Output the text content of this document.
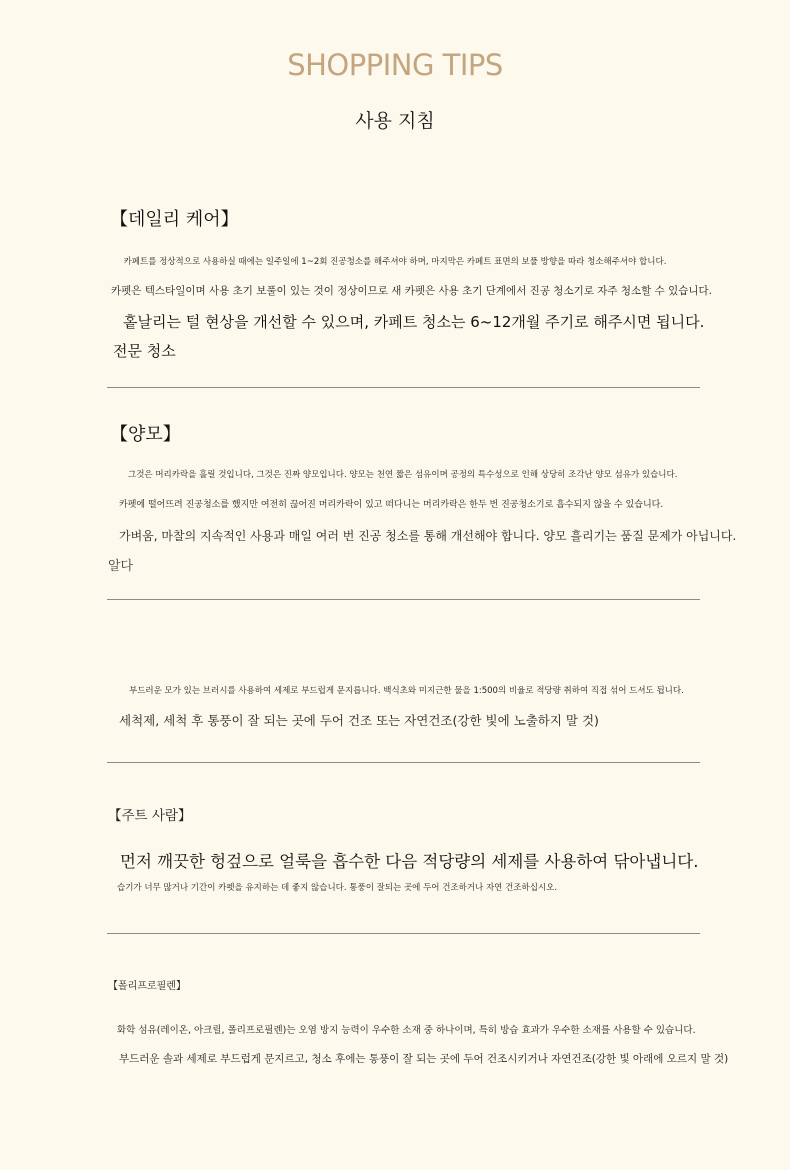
SHOPPING TIPS
사용 지침
【데일리 케어】
카페트를 정상적으로 사용하실 때에는 일주일에 1~2회 진공청소를 해주셔야 하며, 마지막은 카페트 표면의 보풀 방향을 따라 청소해주셔야 합니다.
카펫은 텍스타일이며 사용 초기 보풀이 있는 것이 정상이므로 새 카펫은 사용 초기 단계에서 진공 청소기로 자주 청소할 수 있습니다.
홑날리는 털 현상을 개선할 수 있으며, 카페트 청소는 6~12개월 주기로 해주시면 됩니다.
전문 청소
【양모】
그것은 머리카락을 흘릴 것입니다, 그것은 진짜 양모입니다. 양모는 천연 짧은 섬유이며 공정의 특수성으로 인해 상당히 조각난 양모 섬유가 있습니다.
카펫에 떨어뜨려 진공청소를 했지만 여전히 끊어진 머리카락이 있고 떠다니는 머리카락은 한두 번 진공청소기로 흡수되지 않을 수 있습니다.
가벼움, 마찰의 지속적인 사용과 매일 여러 번 진공 청소를 통해 개선해야 합니다. 양모 흘리기는 품질 문제가 아닙니다.
알다
부드러운 모가 있는 브러시를 사용하여 세제로 부드럽게 문지릅니다. 백식초와 미지근한 물을 1:500의 비율로 적당량 취하여 직접 섞어 드셔도 됩니다.
세척제, 세척 후 통풍이 잘 되는 곳에 두어 건조 또는 자연건조(강한 빛에 노출하지 말 것)
【주트 사람】
먼저 깨끗한 헝겊으로 얼룩을 흡수한 다음 적당량의 세제를 사용하여 닦아냅니다.
습기가 너무 많거나 기간이 카펫을 유지하는 데 좋지 않습니다. 통풍이 잘되는 곳에 두어 건조하거나 자연 건조하십시오.
【폴리프로필렌】
화학 섬유(레이온, 아크릴, 폴리프로필렌)는 오염 방지 능력이 우수한 소재 중 하나이며, 특히 방습 효과가 우수한 소재를 사용할 수 있습니다.
부드러운 솔과 세제로 부드럽게 문지르고, 청소 후에는 통풍이 잘 되는 곳에 두어 건조시키거나 자연건조(강한 빛 아래에 오르지 말 것)
